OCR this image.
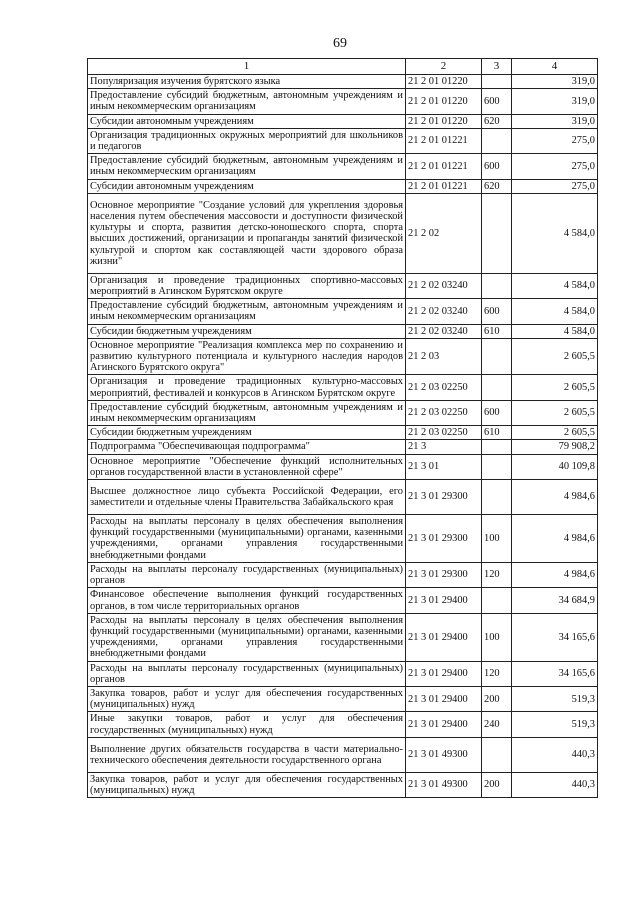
69
1	2	3	4
Популяризация изучения бурятского языка	21 2 01 01220		319,0
Предоставление субсидий бюджетным, автономным учреждениям и иным некоммерческим организациям	21 2 01 01220	600	319,0
Субсидии автономным учреждениям	21 2 01 01220	620	319,0
Организация традиционных окружных мероприятий для школьников и педагогов	21 2 01 01221		275,0
Предоставление субсидий бюджетным, автономным учреждениям и иным некоммерческим организациям	21 2 01 01221	600	275,0
Субсидии автономным учреждениям	21 2 01 01221	620	275,0
Основное мероприятие "Создание условий для укрепления здоровья населения путем обеспечения массовости и доступности физической культуры и спорта, развития детско-юношеского спорта, спорта высших достижений, организации и пропаганды занятий физической культурой и спортом как составляющей части здорового образа жизни"	21 2 02		4 584,0
Организация и проведение традиционных спортивно-массовых мероприятий в Агинском Бурятском округе	21 2 02 03240		4 584,0
Предоставление субсидий бюджетным, автономным учреждениям и иным некоммерческим организациям	21 2 02 03240	600	4 584,0
Субсидии бюджетным учреждениям	21 2 02 03240	610	4 584,0
Основное мероприятие "Реализация комплекса мер по сохранению и развитию культурного потенциала и культурного наследия народов Агинского Бурятского округа"	21 2 03		2 605,5
Организация и проведение традиционных культурно-массовых мероприятий, фестивалей и конкурсов в Агинском Бурятском округе	21 2 03 02250		2 605,5
Предоставление субсидий бюджетным, автономным учреждениям и иным некоммерческим организациям	21 2 03 02250	600	2 605,5
Субсидии бюджетным учреждениям	21 2 03 02250	610	2 605,5
Подпрограмма "Обеспечивающая подпрограмма"	21 3		79 908,2
Основное мероприятие "Обеспечение функций исполнительных органов государственной власти в установленной сфере"	21 3 01		40 109,8
Высшее должностное лицо субъекта Российской Федерации, его заместители и отдельные члены Правительства Забайкальского края	21 3 01 29300		4 984,6
Расходы на выплаты персоналу в целях обеспечения выполнения функций государственными (муниципальными) органами, казенными учреждениями, органами управления государственными внебюджетными фондами	21 3 01 29300	100	4 984,6
Расходы на выплаты персоналу государственных (муниципальных) органов	21 3 01 29300	120	4 984,6
Финансовое обеспечение выполнения функций государственных органов, в том числе территориальных органов	21 3 01 29400		34 684,9
Расходы на выплаты персоналу в целях обеспечения выполнения функций государственными (муниципальными) органами, казенными учреждениями, органами управления государственными внебюджетными фондами	21 3 01 29400	100	34 165,6
Расходы на выплаты персоналу государственных (муниципальных) органов	21 3 01 29400	120	34 165,6
Закупка товаров, работ и услуг для обеспечения государственных (муниципальных) нужд	21 3 01 29400	200	519,3
Иные закупки товаров, работ и услуг для обеспечения государственных (муниципальных) нужд	21 3 01 29400	240	519,3
Выполнение других обязательств государства в части материально-технического обеспечения деятельности государственного органа	21 3 01 49300		440,3
Закупка товаров, работ и услуг для обеспечения государственных (муниципальных) нужд	21 3 01 49300	200	440,3
